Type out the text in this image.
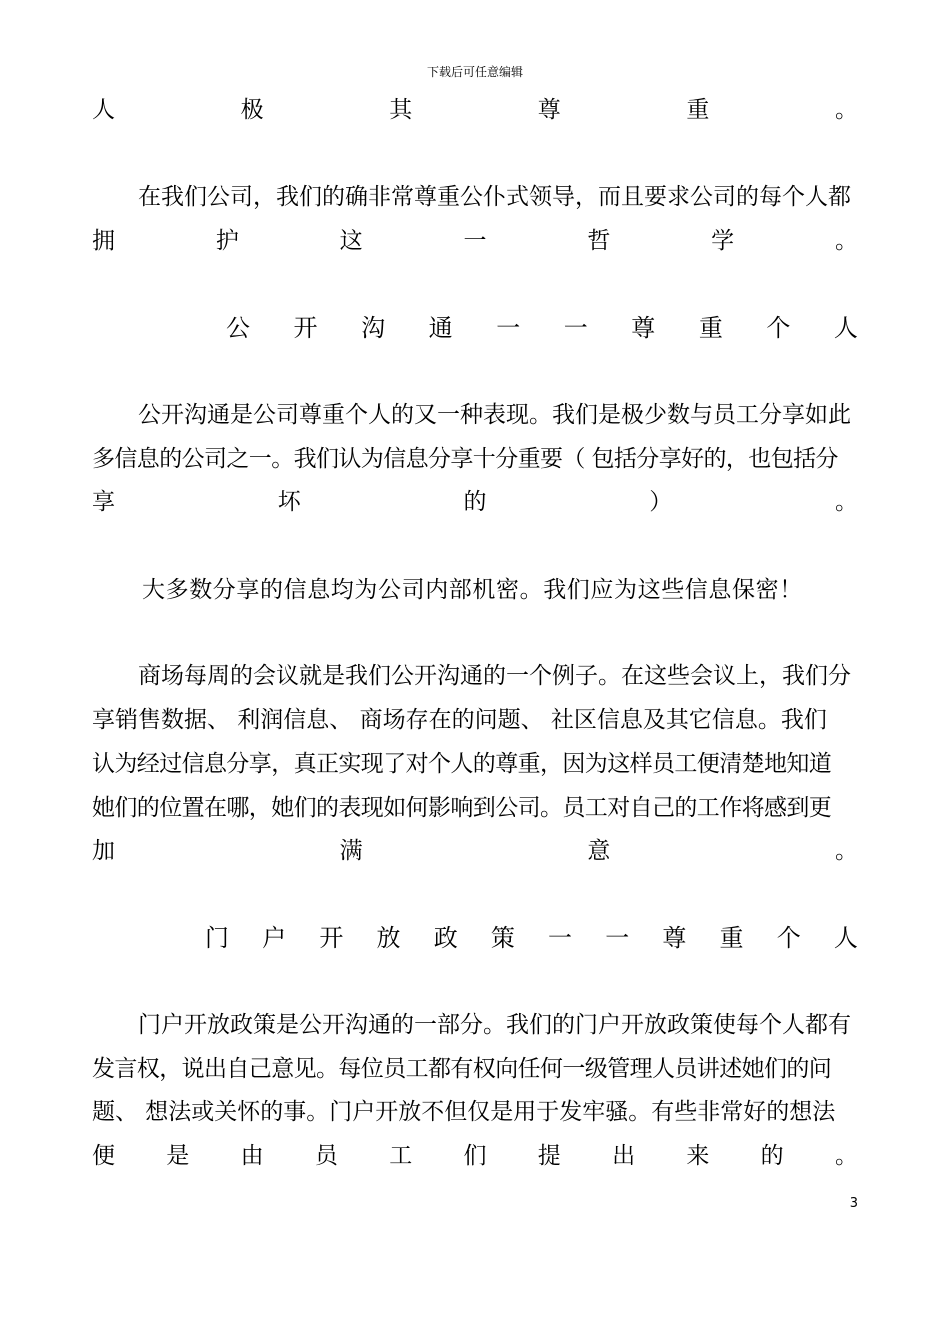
下载后可任意编辑
人	极	其	尊	重	。
在我们公司，我们的确非常尊重公仆式领导，而且要求公司的每个人都
拥	护	这	一	哲	学	。
公 开 沟 通 一 一 尊 重 个 人
公开沟通是公司尊重个人的又一种表现。我们是极少数与员工分享如此
多信息的公司之一。我们认为信息分享十分重要（ 包括分享好的，也包括分
享	坏	的	）	。
大多数分享的信息均为公司内部机密。我们应为这些信息保密！
商场每周的会议就是我们公开沟通的一个例子。在这些会议上，我们分
享销售数据、 利润信息、 商场存在的问题、 社区信息及其它信息。我们
认为经过信息分享，真正实现了对个人的尊重，因为这样员工便清楚地知道
她们的位置在哪，她们的表现如何影响到公司。员工对自己的工作将感到更
加	满	意	。
门 户 开 放 政 策 一 一 尊 重 个 人
门户开放政策是公开沟通的一部分。我们的门户开放政策使每个人都有
发言权，说出自己意见。每位员工都有权向任何一级管理人员讲述她们的问
题、 想法或关怀的事。门户开放不但仅是用于发牢骚。有些非常好的想法
便 是 由 员 工 们 提 出 来 的 。
3
